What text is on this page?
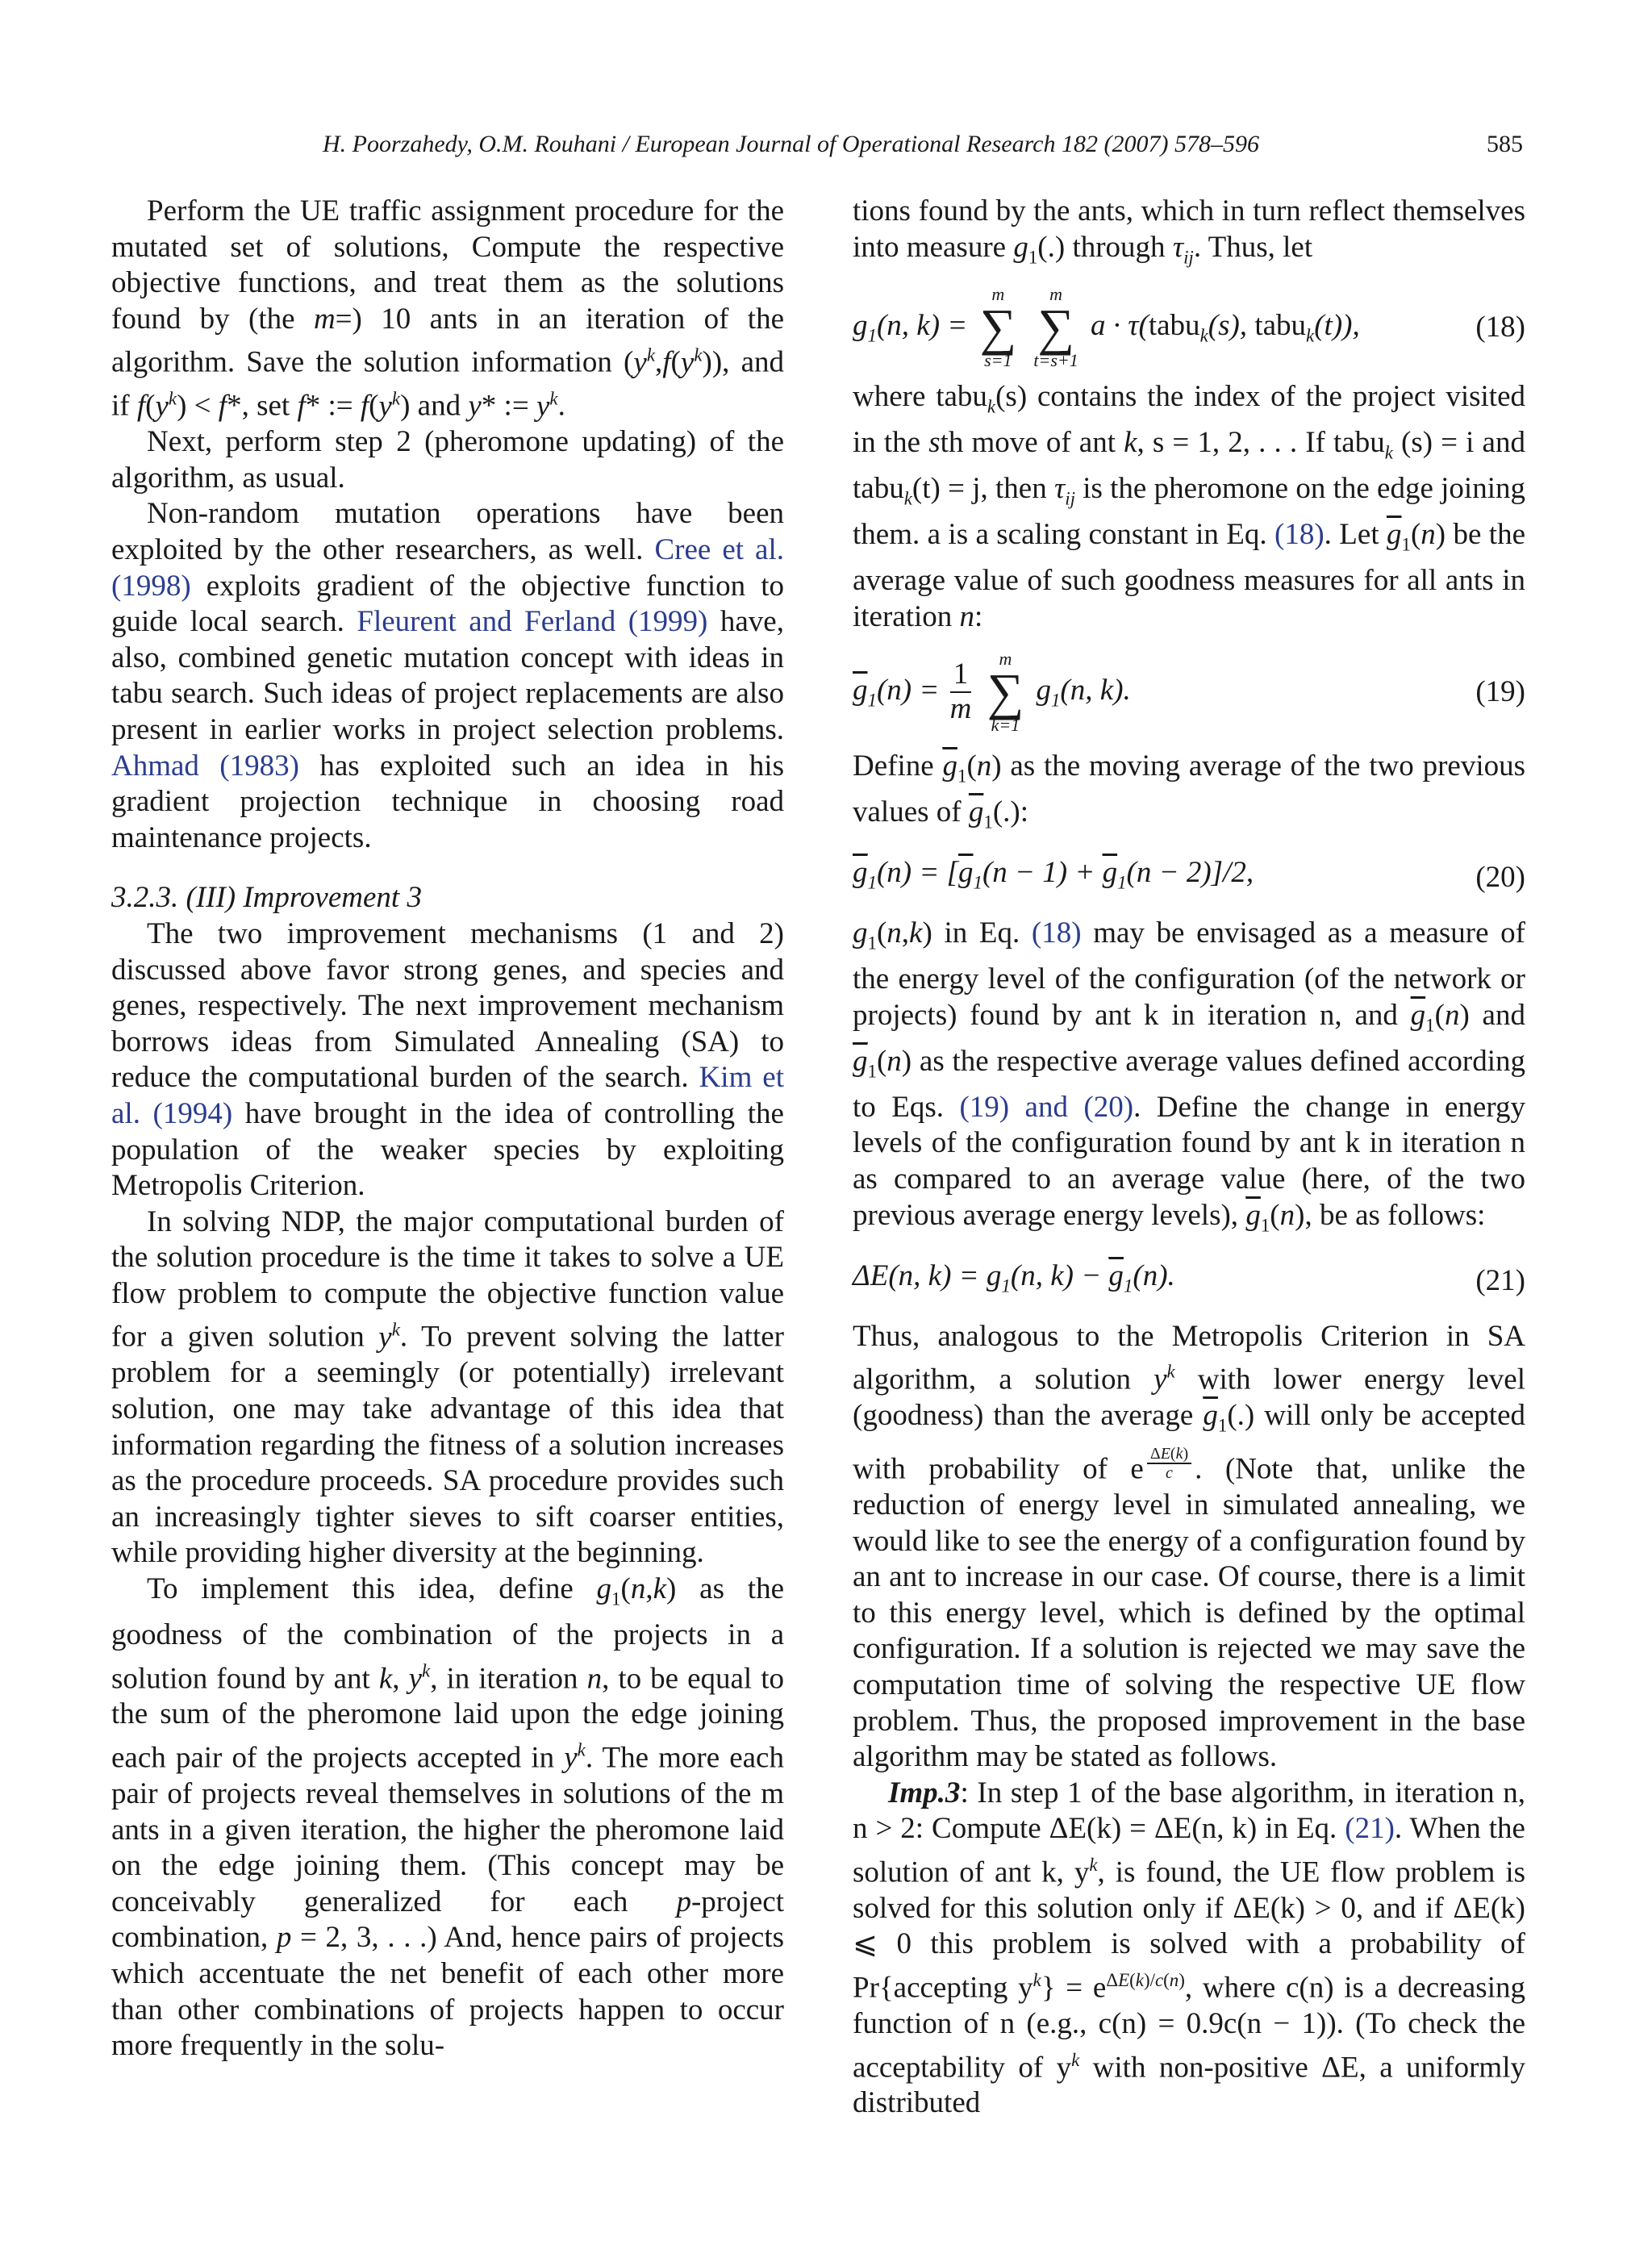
H. Poorzahedy, O.M. Rouhani / European Journal of Operational Research 182 (2007) 578–596	585

Perform the UE traffic assignment procedure for the mutated set of solutions, Compute the respective objective functions, and treat them as the solutions found by (the m=) 10 ants in an iteration of the algorithm. Save the solution information $(y^k,f(y^k))$, and if $f(y^k) < f*$, set f* := $f(y^k)$ and y* := $y^k$.

Next, perform step 2 (pheromone updating) of the algorithm, as usual.

Non-random mutation operations have been exploited by the other researchers, as well. Cree et al. (1998) exploits gradient of the objective function to guide local search. Fleurent and Ferland (1999) have, also, combined genetic mutation concept with ideas in tabu search. Such ideas of project replacements are also present in earlier works in project selection problems. Ahmad (1983) has exploited such an idea in his gradient projection technique in choosing road maintenance projects.

3.2.3. (III) Improvement 3

The two improvement mechanisms (1 and 2) discussed above favor strong genes, and species and genes, respectively. The next improvement mechanism borrows ideas from Simulated Annealing (SA) to reduce the computational burden of the search. Kim et al. (1994) have brought in the idea of controlling the population of the weaker species by exploiting Metropolis Criterion.

In solving NDP, the major computational burden of the solution procedure is the time it takes to solve a UE flow problem to compute the objective function value for a given solution $y^k$. To prevent solving the latter problem for a seemingly (or potentially) irrelevant solution, one may take advantage of this idea that information regarding the fitness of a solution increases as the procedure proceeds. SA procedure provides such an increasingly tighter sieves to sift coarser entities, while providing higher diversity at the beginning.

To implement this idea, define $g_1(n,k)$ as the goodness of the combination of the projects in a solution found by ant k, $y^k$, in iteration n, to be equal to the sum of the pheromone laid upon the edge joining each pair of the projects accepted in $y^k$. The more each pair of projects reveal themselves in solutions of the m ants in a given iteration, the higher the pheromone laid on the edge joining them. (This concept may be conceivably generalized for each p-project combination, p = 2, 3, . . .) And, hence pairs of projects which accentuate the net benefit of each other more than other combinations of projects happen to occur more frequently in the solu-

tions found by the ants, which in turn reflect themselves into measure $g_1(.)$ through $\tau_{ij}$. Thus, let

$g_1(n$, k) =
m
∑
s=1

m
∑
t=s+1
a · τ(tabu$_k$(s), tabu$_k$(t)),	(18)

where tabu$_k$(s) contains the index of the project visited in the sth move of ant k, s = 1, 2, . . . If tabu$_k$ (s) = i and tabu$_k$(t) = j, then $\tau_{ij}$ is the pheromone on the edge joining them. a is a scaling constant in Eq. (18). Let $\overline{g}_1(n)$ be the average value of such goodness measures for all ants in iteration n:

$\overline{g}_1(n) = \frac{1}{m}$

m
∑
k=1
$g_1(n$, k).	(19)

Define $\overline{g}_1(n)$ as the moving average of the two previous values of $\overline{g}_1(.)$:

$\overline{g}_1(n) = [\overline{g}_1(n - 1) + \overline{g}_1(n - 2)]/2$,	(20)

$g_1(n,k)$ in Eq. (18) may be envisaged as a measure of the energy level of the configuration (of the network or projects) found by ant k in iteration n, and $\overline{g}_1(n)$ and $\overline{g}_1(n)$ as the respective average values defined according to Eqs. (19) and (20). Define the change in energy levels of the configuration found by ant k in iteration n as compared to an average value (here, of the two previous average energy levels), $\overline{g}_1(n)$, be as follows:

ΔE(n, $k) = g_1(n$, $k) - \overline{g}_1(n)$.	(21)

Thus, analogous to the Metropolis Criterion in SA algorithm, a solution $y^k$ with lower energy level (goodness) than the average $\overline{g}_1(.)$ will only be accepted with probability of e $^{\frac{\Delta E(k)}{c}}$ . (Note that, unlike the reduction of energy level in simulated annealing, we would like to see the energy of a configuration found by an ant to increase in our case. Of course, there is a limit to this energy level, which is defined by the optimal configuration. If a solution is rejected we may save the computation time of solving the respective UE flow problem. Thus, the proposed improvement in the base algorithm may be stated as follows.

Imp.3: In step 1 of the base algorithm, in iteration n, n > 2: Compute ΔE(k) = ΔE(n, k) in Eq. (21). When the solution of ant k, $y^k$, is found, the UE flow problem is solved for this solution only if ΔE(k) > 0, and if ΔE(k) ⩽ 0 this problem is solved with a probability of Pr{accepting $y^k\} = e^{\Delta E(k)/c(n)}$, where c(n) is a decreasing function of n (e.g., c(n) = 0.9c(n − 1)). (To check the acceptability of $y^k$ with non-positive ΔE, a uniformly distributed
